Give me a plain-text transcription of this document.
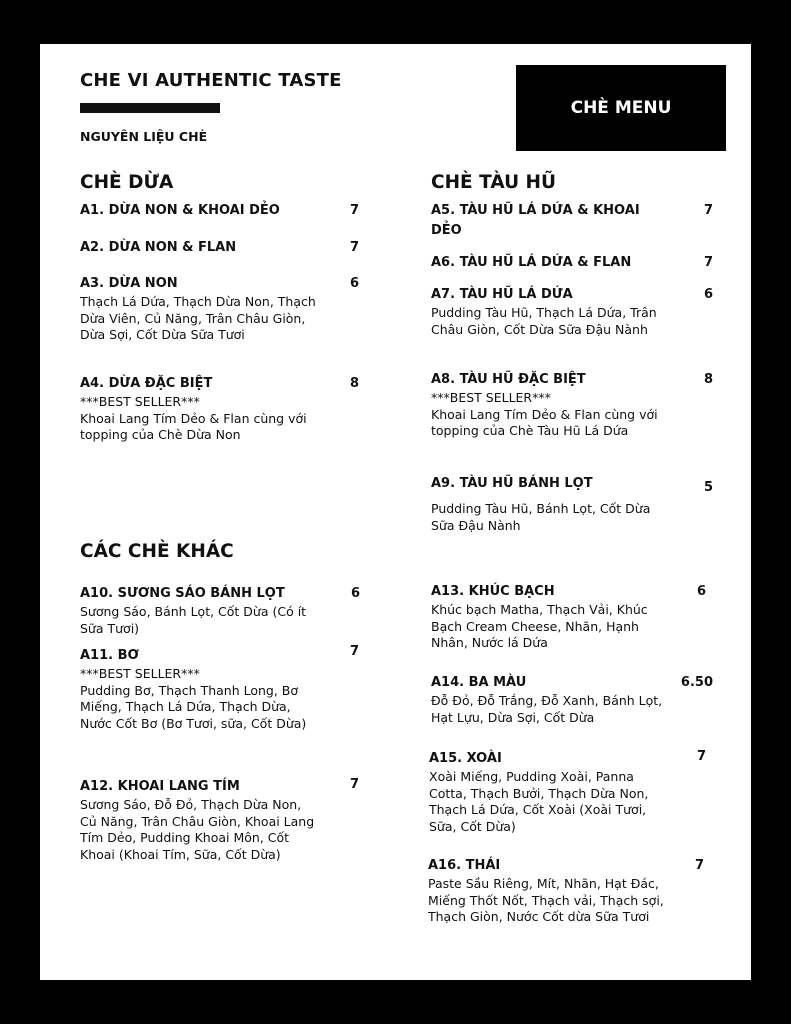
CHE VI AUTHENTIC TASTE
NGUYÊN LIỆU CHÈ
CHÈ MENU
CHÈ DỪA	CHÈ TÀU HŨ
CÁC CHÈ KHÁC
A1. DỪA NON & KHOAI DẺO	7
A2. DỪA NON & FLAN	7
A3. DỪA NON	6
Thạch Lá Dứa, Thạch Dừa Non, Thạch Dừa Viên, Củ Năng, Trân Châu Giòn, Dừa Sợi, Cốt Dừa Sữa Tươi
A4. DỪA ĐẶC BIỆT	8
***BEST SELLER***
Khoai Lang Tím Dẻo & Flan cùng với topping của Chè Dừa Non
A5. TÀU HŨ LÁ DỨA & KHOAI DẺO
7
A6. TÀU HŨ LÁ DỨA & FLAN	7
A7. TÀU HŨ LÁ DỨA	6
Pudding Tàu Hũ, Thạch Lá Dứa, Trân Châu Giòn, Cốt Dừa Sữa Đậu Nành
A8. TÀU HŨ ĐẶC BIỆT	8
***BEST SELLER***
Khoai Lang Tím Dẻo & Flan cùng với topping của Chè Tàu Hũ Lá Dứa
A9. TÀU HŨ BÁNH LỌT	5
Pudding Tàu Hũ, Bánh Lọt, Cốt Dừa Sữa Đậu Nành
A10. SƯƠNG SÁO BÁNH LỌT	6
Sương Sáo, Bánh Lọt, Cốt Dừa (Có ít Sữa Tươi)
A11. BƠ	7
***BEST SELLER***
Pudding Bơ, Thạch Thanh Long, Bơ Miếng, Thạch Lá Dứa, Thạch Dừa, Nước Cốt Bơ (Bơ Tươi, sữa, Cốt Dừa)
A12. KHOAI LANG TÍM	7
Sương Sáo, Đỗ Đỏ, Thạch Dừa Non, Củ Năng, Trân Châu Giòn, Khoai Lang Tím Dẻo, Pudding Khoai Môn, Cốt Khoai (Khoai Tím, Sữa, Cốt Dừa)
A13. KHÚC BẠCH	6
Khúc bạch Matha, Thạch Vải, Khúc Bạch Cream Cheese, Nhãn, Hạnh Nhân, Nước lá Dứa
A14. BA MÀU	6.50
Đỗ Đỏ, Đỗ Trắng, Đỗ Xanh, Bánh Lọt, Hạt Lựu, Dừa Sợi, Cốt Dừa
A15. XOÀI	7
Xoài Miếng, Pudding Xoài, Panna Cotta, Thạch Bưởi, Thạch Dừa Non, Thạch Lá Dứa, Cốt Xoài (Xoài Tươi, Sữa, Cốt Dừa)
A16. THÁI	7
Paste Sầu Riêng, Mít, Nhãn, Hạt Đác, Miếng Thốt Nốt, Thạch vải, Thạch sợi, Thạch Giòn, Nước Cốt dừa Sữa Tươi
